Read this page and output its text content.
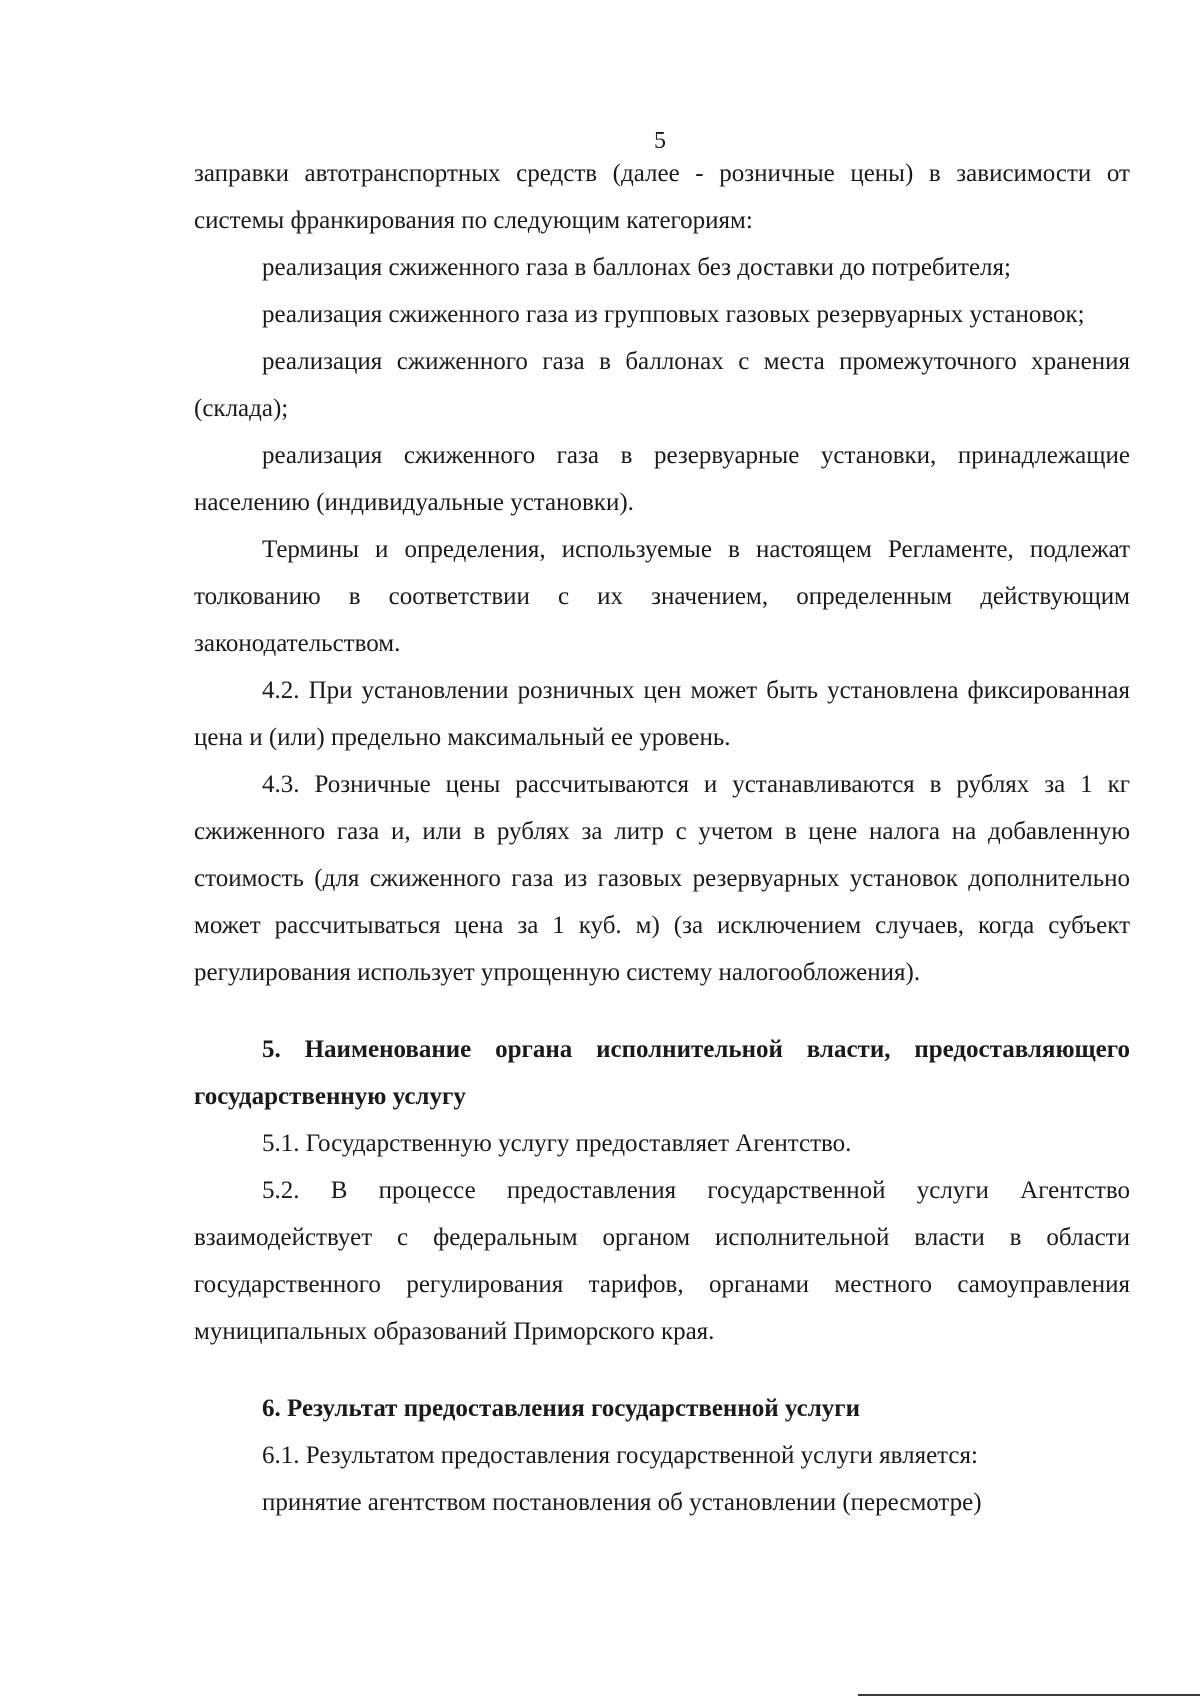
5

заправки автотранспортных средств (далее - розничные цены) в зависимости от системы франкирования по следующим категориям:

реализация сжиженного газа в баллонах без доставки до потребителя;

реализация сжиженного газа из групповых газовых резервуарных установок;

реализация сжиженного газа в баллонах с места промежуточного хранения (склада);

реализация сжиженного газа в резервуарные установки, принадлежащие населению (индивидуальные установки).

Термины и определения, используемые в настоящем Регламенте, подлежат толкованию в соответствии с их значением, определенным действующим законодательством.

4.2. При установлении розничных цен может быть установлена фиксированная цена и (или) предельно максимальный ее уровень.

4.3. Розничные цены рассчитываются и устанавливаются в рублях за 1 кг сжиженного газа и, или в рублях за литр с учетом в цене налога на добавленную стоимость (для сжиженного газа из газовых резервуарных установок дополнительно может рассчитываться цена за 1 куб. м) (за исключением случаев, когда субъект регулирования использует упрощенную систему налогообложения).

5. Наименование органа исполнительной власти, предоставляющего государственную услугу

5.1. Государственную услугу предоставляет Агентство.

5.2. В процессе предоставления государственной услуги Агентство взаимодействует с федеральным органом исполнительной власти в области государственного регулирования тарифов, органами местного самоуправления муниципальных образований Приморского края.

6. Результат предоставления государственной услуги

6.1. Результатом предоставления государственной услуги является:

принятие агентством постановления об установлении (пересмотре)
